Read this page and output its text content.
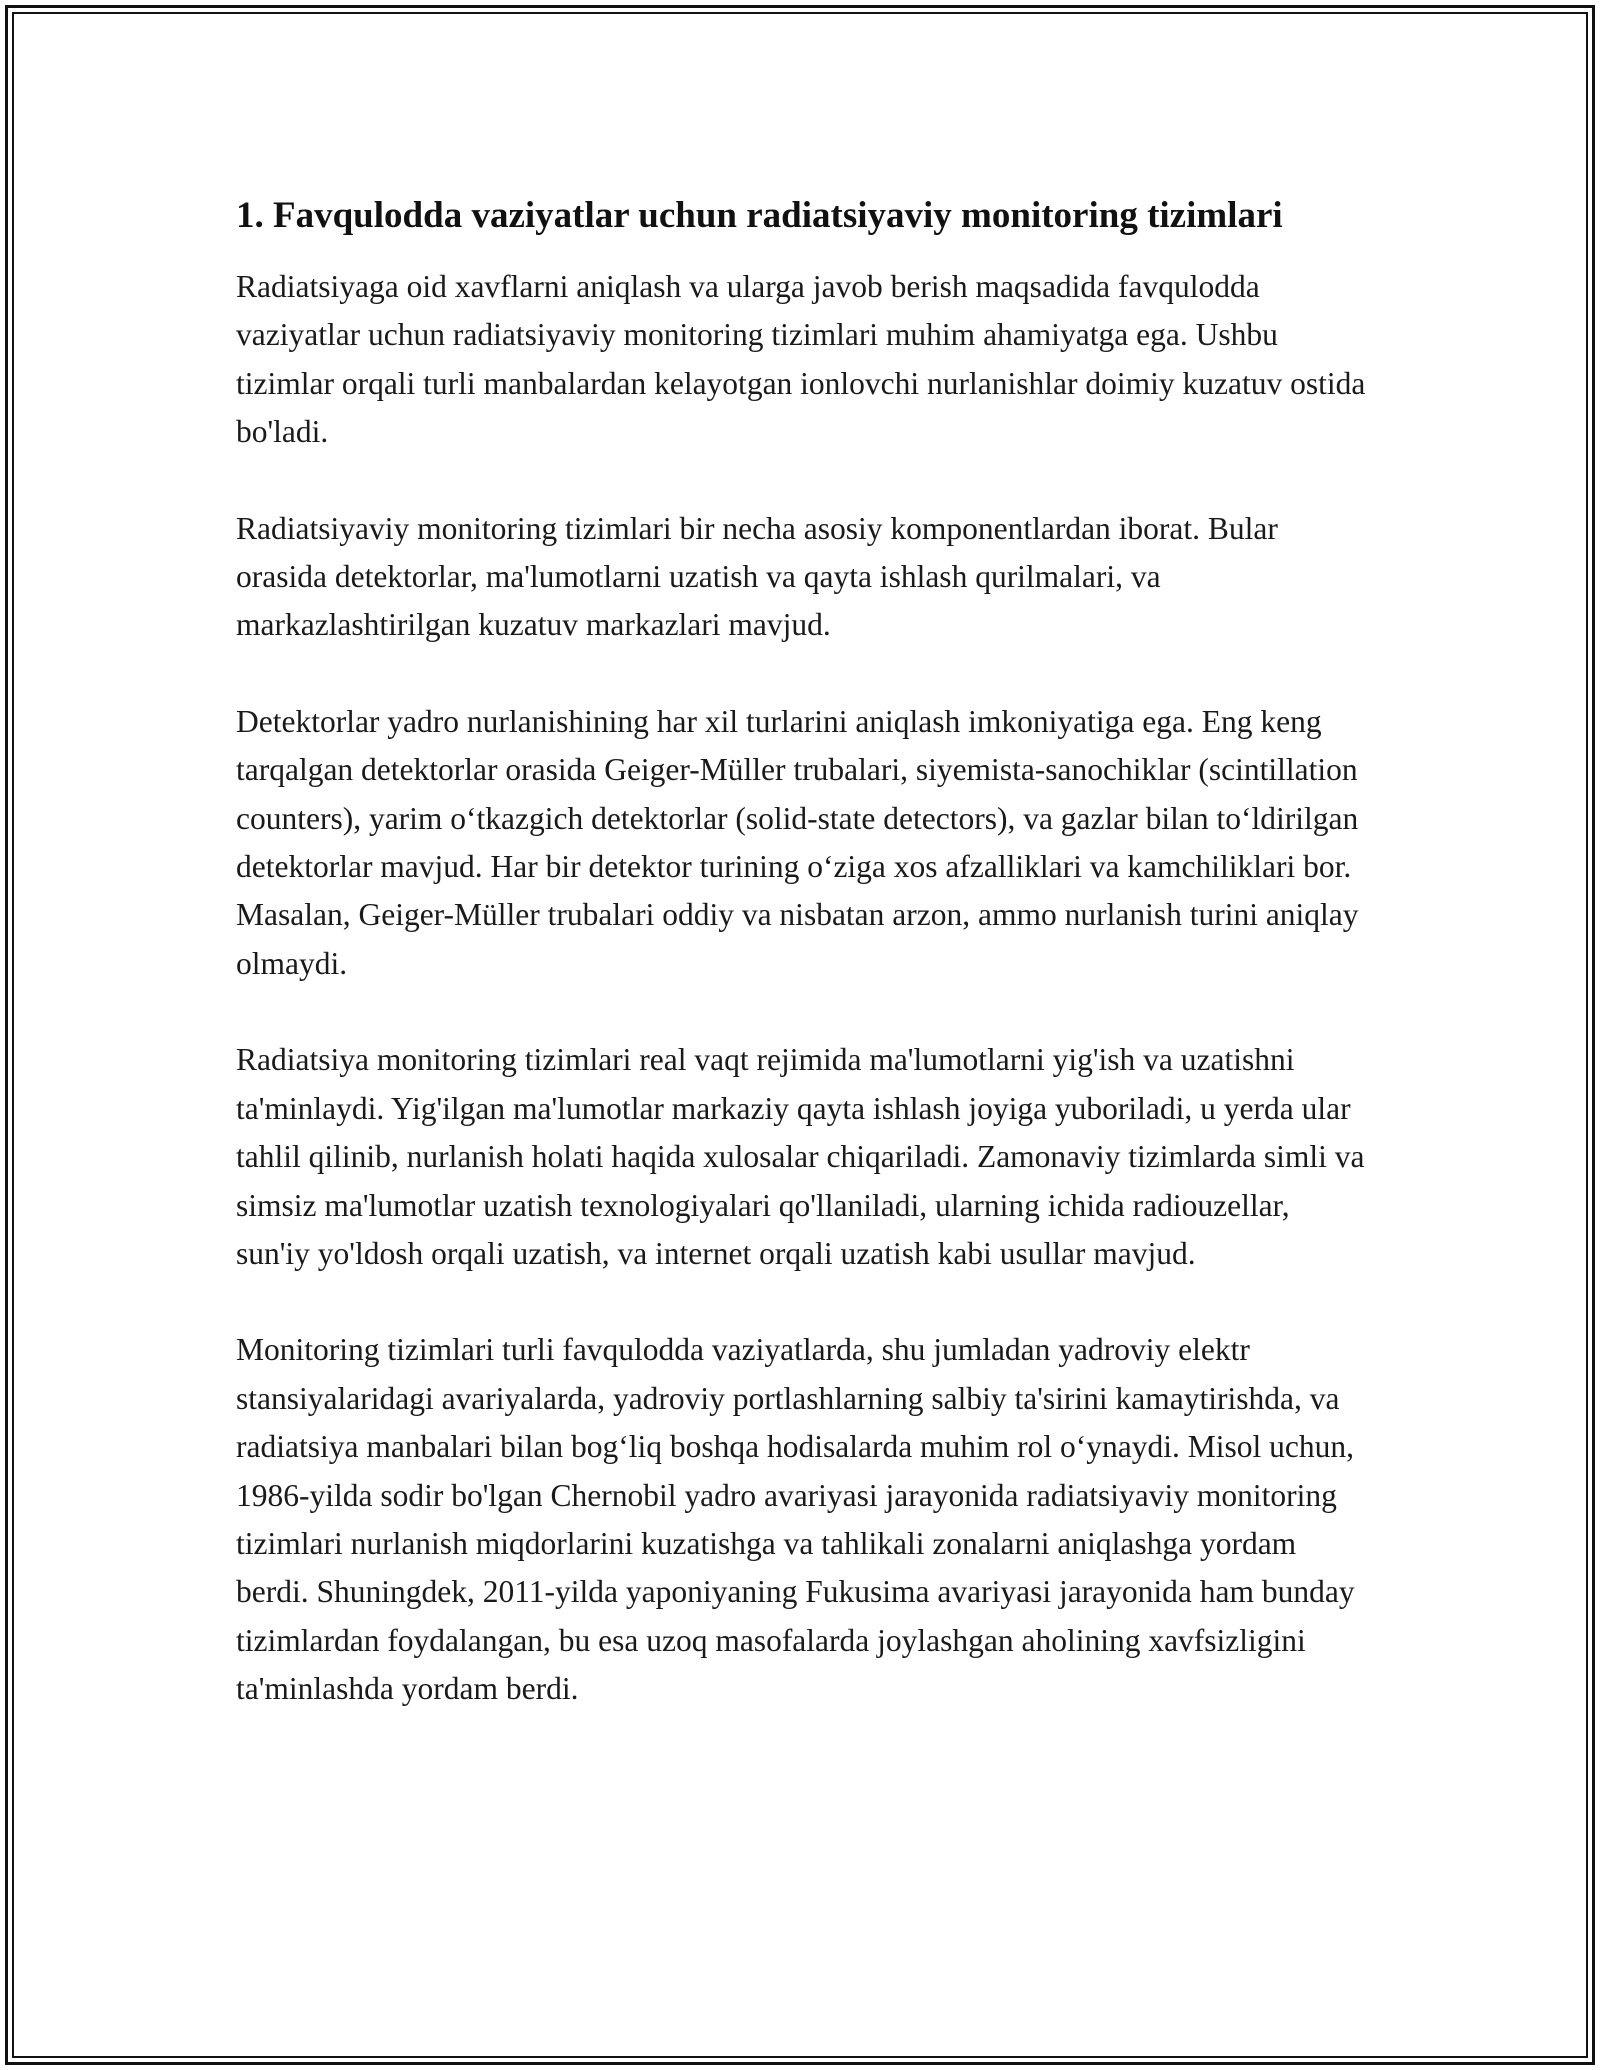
1. Favqulodda vaziyatlar uchun radiatsiyaviy monitoring tizimlari

Radiatsiyaga oid xavflarni aniqlash va ularga javob berish maqsadida favqulodda vaziyatlar uchun radiatsiyaviy monitoring tizimlari muhim ahamiyatga ega. Ushbu tizimlar orqali turli manbalardan kelayotgan ionlovchi nurlanishlar doimiy kuzatuv ostida bo'ladi.

Radiatsiyaviy monitoring tizimlari bir necha asosiy komponentlardan iborat. Bular orasida detektorlar, ma'lumotlarni uzatish va qayta ishlash qurilmalari, va markazlashtirilgan kuzatuv markazlari mavjud.

Detektorlar yadro nurlanishining har xil turlarini aniqlash imkoniyatiga ega. Eng keng tarqalgan detektorlar orasida Geiger-Müller trubalari, siyemista-sanochiklar (scintillation counters), yarim o‘tkazgich detektorlar (solid-state detectors), va gazlar bilan to‘ldirilgan detektorlar mavjud. Har bir detektor turining o‘ziga xos afzalliklari va kamchiliklari bor. Masalan, Geiger-Müller trubalari oddiy va nisbatan arzon, ammo nurlanish turini aniqlay olmaydi.

Radiatsiya monitoring tizimlari real vaqt rejimida ma'lumotlarni yig'ish va uzatishni ta'minlaydi. Yig'ilgan ma'lumotlar markaziy qayta ishlash joyiga yuboriladi, u yerda ular tahlil qilinib, nurlanish holati haqida xulosalar chiqariladi. Zamonaviy tizimlarda simli va simsiz ma'lumotlar uzatish texnologiyalari qo'llaniladi, ularning ichida radiouzellar, sun'iy yo'ldosh orqali uzatish, va internet orqali uzatish kabi usullar mavjud.

Monitoring tizimlari turli favqulodda vaziyatlarda, shu jumladan yadroviy elektr stansiyalaridagi avariyalarda, yadroviy portlashlarning salbiy ta'sirini kamaytirishda, va radiatsiya manbalari bilan bog‘liq boshqa hodisalarda muhim rol o‘ynaydi. Misol uchun, 1986-yilda sodir bo'lgan Chernobil yadro avariyasi jarayonida radiatsiyaviy monitoring tizimlari nurlanish miqdorlarini kuzatishga va tahlikali zonalarni aniqlashga yordam berdi. Shuningdek, 2011-yilda yaponiyaning Fukusima avariyasi jarayonida ham bunday tizimlardan foydalangan, bu esa uzoq masofalarda joylashgan aholining xavfsizligini ta'minlashda yordam berdi.
